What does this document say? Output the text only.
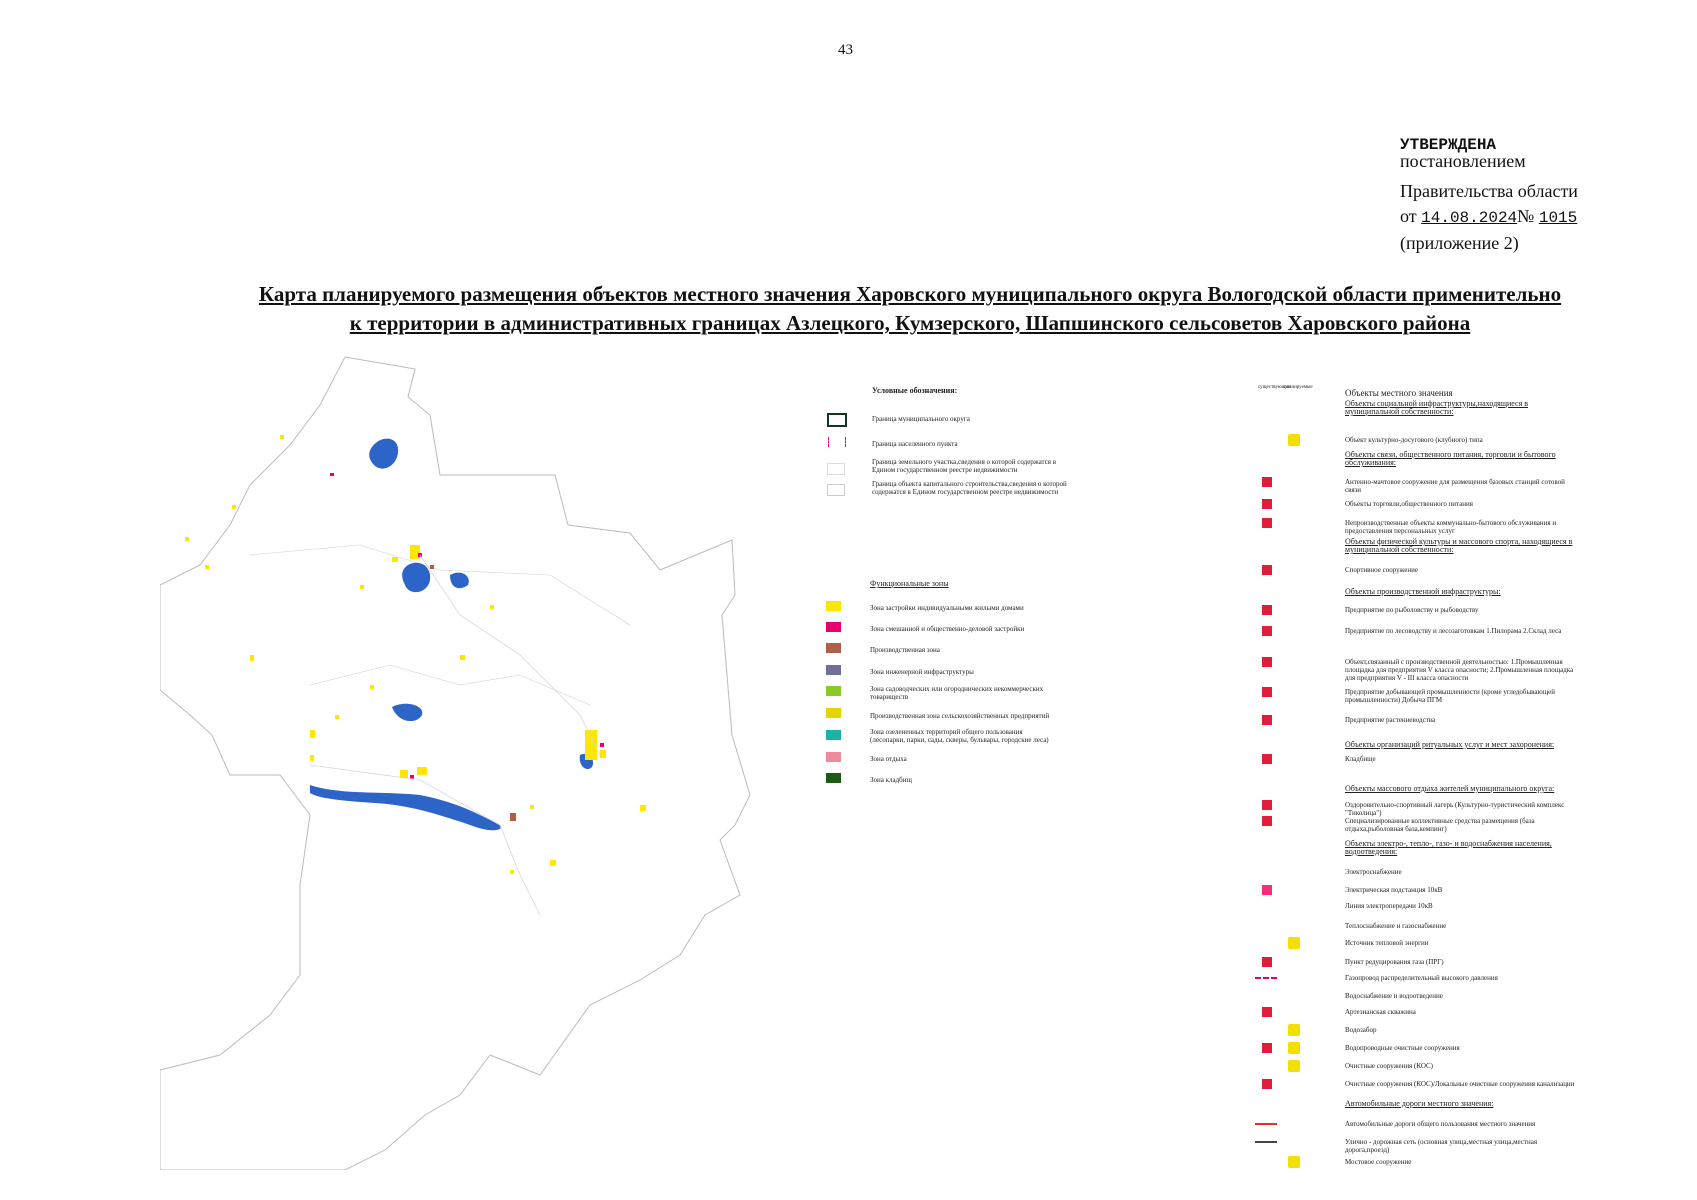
43
УТВЕРЖДЕНА
постановлением
Правительства области
от 14.08.2024№ 1015
(приложение 2)
Карта планируемого размещения объектов местного значения Харовского муниципального округа Вологодской области применительно
к территории в административных границах Азлецкого, Кумзерского, Шапшинского сельсоветов Харовского района
Условные обозначения:
Граница муниципального округа
Граница населенного пункта
Граница земельного участка,сведения о которой содержатся в Едином государственном реестре недвижимости
Граница объекта капитального строительства,сведения о которой содержатся в Едином государственном реестре недвижимости
Функциональные зоны
Зона застройки индивидуальными жилыми домами
Зона смешанной и общественно-деловой застройки
Производственная зона
Зона инженерной инфраструктуры
Зона садоводческих или огороднических некоммерческих товариществ
Производственная зона сельскохозяйственных предприятий
Зона озелененных территорий общего пользования (лесопарки, парки, сады, скверы, бульвары, городские леса)
Зона отдыха
Зона кладбищ
существующие
планируемые
Объекты местного значения
Объекты социальной инфраструктуры,находящиеся в муниципальной собственности:
Объект культурно-досугового (клубного) типа
Объекты связи, общественного питания, торговли и бытового обслуживания:
Антенно-мачтовое сооружение для размещения базовых станций сотовой связи
Объекты торговли,общественного питания
Непроизводственные объекты коммунально-бытового обслуживания и предоставления персональных услуг
Объекты физической культуры и массового спорта, находящиеся в муниципальной собственности:
Спортивное сооружение
Объекты производственной инфраструктуры:
Предприятие по рыболовству и рыбоводству
Предприятие по лесоводству и лесозаготовкам 1.Пилорама 2.Склад леса
Объект,связанный с производственной деятельностью: 1.Промышленная площадка для предприятия V класса опасности; 2.Промышленная площадка для предприятия V - III класса опасности
Предприятие добывающей промышленности (кроме угледобывающей промышленности) Добыча ПГМ
Предприятие растениеводства
Объекты организаций ритуальных услуг и мест захоронения:
Кладбище
Объекты массового отдыха жителей муниципального округа:
Оздоровительно-спортивный лагерь (Культурно-туристический комплекс "Тиколица")
Специализированные коллективные средства размещения (база отдыха,рыболовная база,кемпинг)
Объекты электро-, тепло-, газо- и водоснабжения населения, водоотведения:
Электроснабжение
Электрическая подстанция 10кВ
Линия электропередачи 10кВ
Теплоснабжение и газоснабжение
Источник тепловой энергии
Пункт редуцирования газа (ПРГ)
Газопровод распределительный высокого давления
Водоснабжение и водоотведение
Артезианская скважина
Водозабор
Водопроводные очистные сооружения
Очистные сооружения (КОС)
Очистные сооружения (КОС)/Локальные очистные сооружения канализации
Автомобильные дороги местного значения:
Автомобильные дороги общего пользования местного значения
Улично - дорожная сеть (основная улица,местная улица,местная дорога,проезд)
Мостовое сооружение
